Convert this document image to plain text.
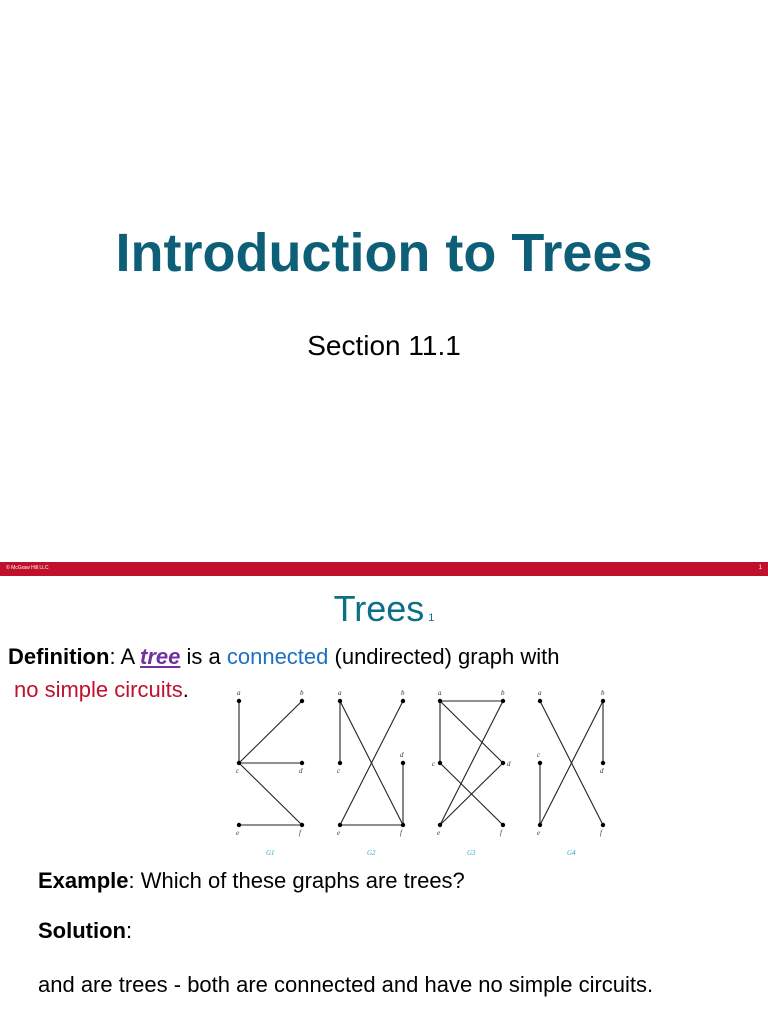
Introduction to Trees
Section 11.1
© McGraw Hill LLC	1
Trees 1
Definition: A tree is a connected (undirected) graph with
no simple circuits.	a	b
c	d
e	f
a	b
c
d
e	f
a	b
c	d
e	f
a	b
c
d
e	f
G1	G2	G3	G4
Example: Which of these graphs are trees?
Solution:
and are trees - both are connected and have no simple circuits.
